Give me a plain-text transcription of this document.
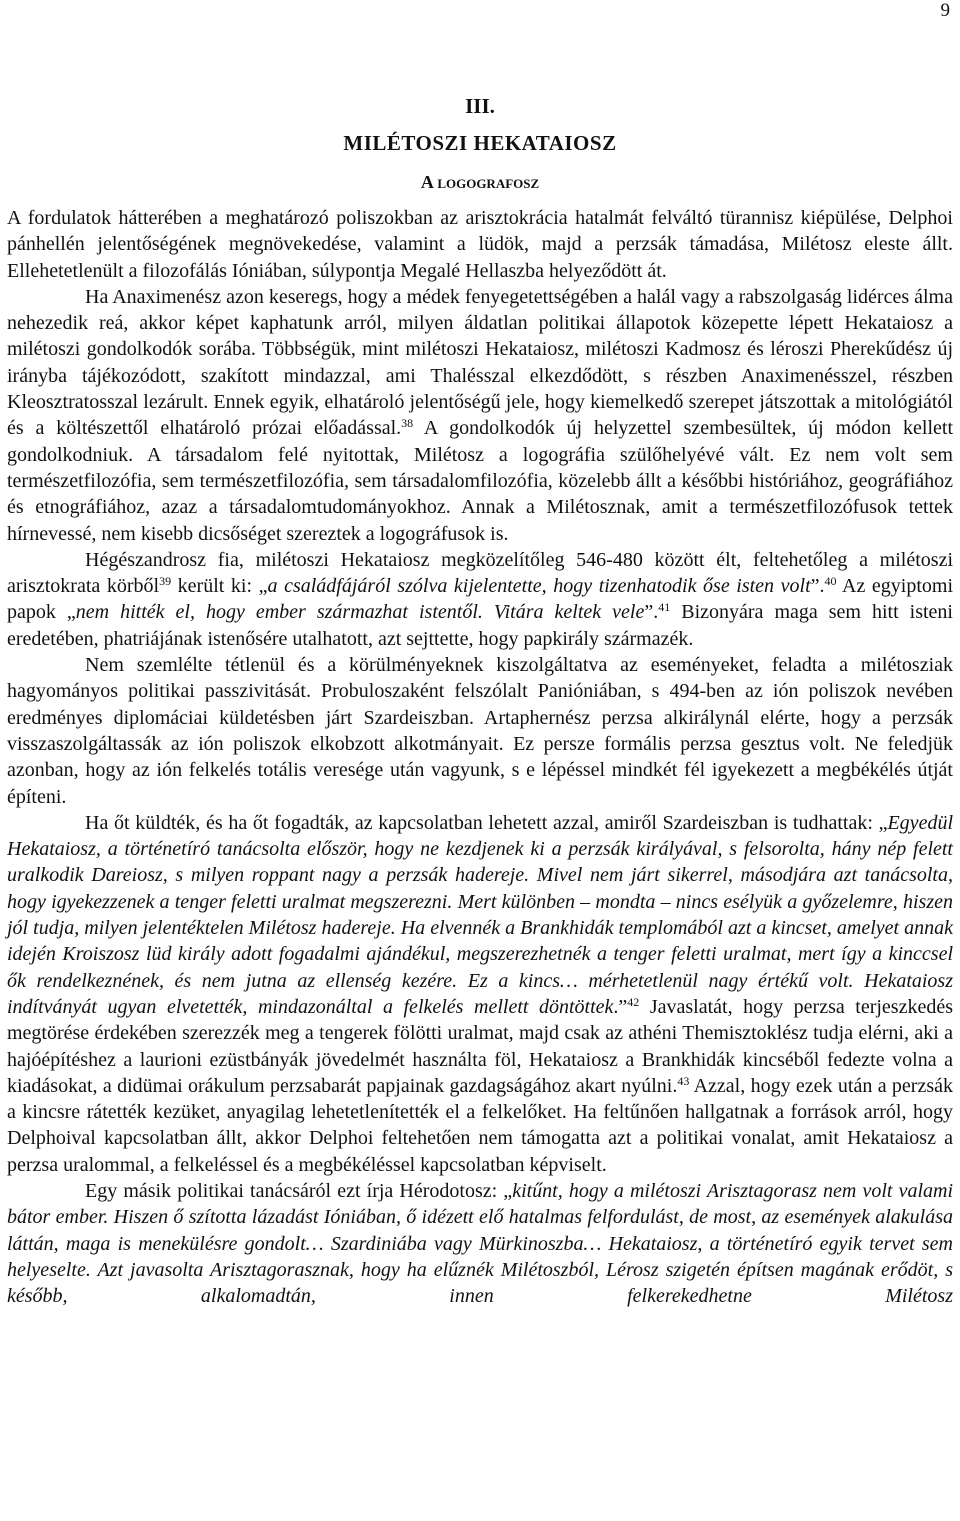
9
III.
MILÉTOSZI HEKATAIOSZ
A logografosz

A fordulatok hátterében a meghatározó poliszokban az arisztokrácia hatalmát felváltó türannisz kiépülése, Delphoi pánhellén jelentőségének megnövekedése, valamint a lüdök, majd a perzsák támadása, Milétosz eleste állt. Ellehetetlenült a filozofálás Ióniában, súlypontja Megalé Hellaszba helyeződött át.

Ha Anaximenész azon keseregs, hogy a médek fenyegetettségében a halál vagy a rabszolgaság lidérces álma nehezedik reá, akkor képet kaphatunk arról, milyen áldatlan politikai állapotok közepette lépett Hekataiosz a milétoszi gondolkodók sorába. Többségük, mint milétoszi Hekataiosz, milétoszi Kadmosz és léroszi Pherekűdész új irányba tájékozódott, szakított mindazzal, ami Thalésszal elkezdődött, s részben Anaximenésszel, részben Kleosztratosszal lezárult. Ennek egyik, elhatároló jelentőségű jele, hogy kiemelkedő szerepet játszottak a mitológiától és a költészettől elhatároló prózai előadással.$^{38}$ A gondolkodók új helyzettel szembesültek, új módon kellett gondolkodniuk. A társadalom felé nyitottak, Milétosz a logográfia szülőhelyévé vált. Ez nem volt sem természetfilozófia, sem természetfilozófia, sem társadalomfilozófia, közelebb állt a későbbi históriához, geográfiához és etnográfiához, azaz a társadalomtudományokhoz. Annak a Milétosznak, amit a természetfilozófusok tettek hírnevessé, nem kisebb dicsőséget szereztek a logográfusok is.

Hégészandrosz fia, milétoszi Hekataiosz megközelítőleg 546-480 között élt, feltehetőleg a milétoszi arisztokrata körből$^{39}$ került ki: „a családfájáról szólva kijelentette, hogy tizenhatodik őse isten volt”.$^{40}$ Az egyiptomi papok „nem hitték el, hogy ember származhat istentől. Vitára keltek vele”.$^{41}$ Bizonyára maga sem hitt isteni eredetében, phatriájának istenősére utalhatott, azt sejttette, hogy papkirály származék.

Nem szemlélte tétlenül és a körülményeknek kiszolgáltatva az eseményeket, feladta a milétosziak hagyományos politikai passzivitását. Probuloszaként felszólalt Panióniában, s 494-ben az ión poliszok nevében eredményes diplomáciai küldetésben járt Szardeiszban. Artaphernész perzsa alkirálynál elérte, hogy a perzsák visszaszolgáltassák az ión poliszok elkobzott alkotmányait. Ez persze formális perzsa gesztus volt. Ne feledjük azonban, hogy az ión felkelés totális veresége után vagyunk, s e lépéssel mindkét fél igyekezett a megbékélés útját építeni.

Ha őt küldték, és ha őt fogadták, az kapcsolatban lehetett azzal, amiről Szardeiszban is tudhattak: „Egyedül Hekataiosz, a történetíró tanácsolta először, hogy ne kezdjenek ki a perzsák királyával, s felsorolta, hány nép felett uralkodik Dareiosz, s milyen roppant nagy a perzsák hadereje. Mivel nem járt sikerrel, másodjára azt tanácsolta, hogy igyekezzenek a tenger feletti uralmat megszerezni. Mert különben – mondta – nincs esélyük a győzelemre, hiszen jól tudja, milyen jelentéktelen Milétosz hadereje. Ha elvennék a Brankhidák templomából azt a kincset, amelyet annak idején Kroiszosz lüd király adott fogadalmi ajándékul, megszerezhetnék a tenger feletti uralmat, mert így a kinccsel ők rendelkeznének, és nem jutna az ellenség kezére. Ez a kincs… mérhetetlenül nagy értékű volt. Hekataiosz indítványát ugyan elvetették, mindazonáltal a felkelés mellett döntöttek.”$^{42}$ Javaslatát, hogy perzsa terjeszkedés megtörése érdekében szerezzék meg a tengerek fölötti uralmat, majd csak az athéni Themisztoklész tudja elérni, aki a hajóépítéshez a laurioni ezüstbányák jövedelmét használta föl, Hekataiosz a Brankhidák kincséből fedezte volna a kiadásokat, a didümai orákulum perzsabarát papjainak gazdagságához akart nyúlni.$^{43}$ Azzal, hogy ezek után a perzsák a kincsre rátették kezüket, anyagilag lehetetlenítették el a felkelőket. Ha feltűnően hallgatnak a források arról, hogy Delphoival kapcsolatban állt, akkor Delphoi feltehetően nem támogatta azt a politikai vonalat, amit Hekataiosz a perzsa uralommal, a felkeléssel és a megbékéléssel kapcsolatban képviselt.

Egy másik politikai tanácsáról ezt írja Hérodotosz: „kitűnt, hogy a milétoszi Arisztagorasz nem volt valami bátor ember. Hiszen ő szította lázadást Ióniában, ő idézett elő hatalmas felfordulást, de most, az események alakulása láttán, maga is menekülésre gondolt… Szardiniába vagy Mürkinoszba… Hekataiosz, a történetíró egyik tervet sem helyeselte. Azt javasolta Arisztagorasznak, hogy ha elűznék Milétoszból, Lérosz szigetén építsen magának erődöt, s később, alkalomadtán, innen felkerekedhetne Milétosz
